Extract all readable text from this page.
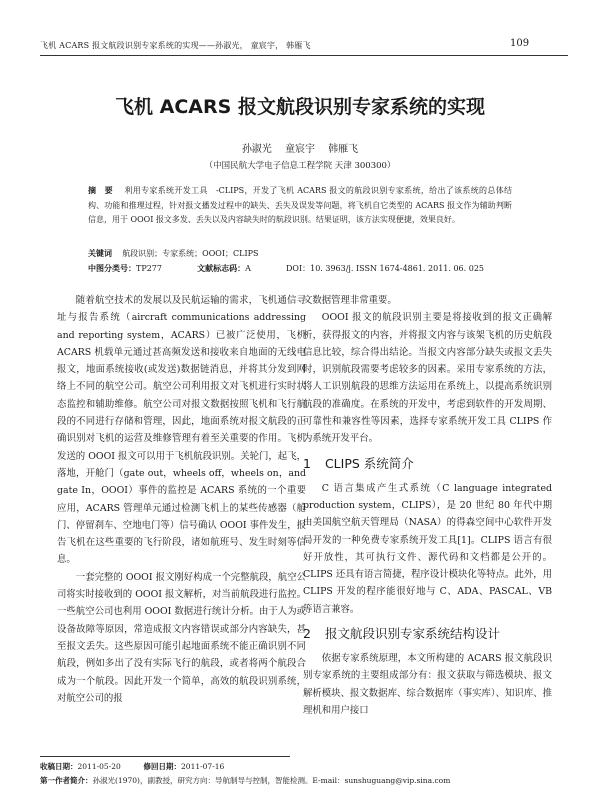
飞机 ACARS 报文航段识别专家系统的实现——孙淑光， 童宸宇， 韩雁飞	109
飞机 ACARS 报文航段识别专家系统的实现
孙淑光 童宸宇 韩雁飞
（中国民航大学电子信息工程学院 天津 300300）
摘　要 利用专家系统开发工具　-CLIPS，开发了飞机 ACARS 报文的航段识别专家系统，给出了该系统的总体结构、功能和推理过程，针对报文播发过程中的缺失、丢失及误发等问题，将飞机自它类型的 ACARS 报文作为辅助判断信息，用于 OOOI 报文多发、丢失以及内容缺失时的航段识别。结果证明，该方法实现便捷，效果良好。
关键词 航段识别；专家系统；OOOI；CLIPS
中图分类号：TP277	文献标志码：A	DOI：10. 3963/j. ISSN 1674-4861. 2011. 06. 025

随着航空技术的发展以及民航运输的需求，飞机通信寻址与报告系统（aircraft communications addressing and reporting system，ACARS）已被广泛使用，飞机 ACARS 机载单元通过甚高频发送和接收来自地面的无线电报文，地面系统接收(或发送)数据链消息，并将其分发到网络上不同的航空公司。航空公司利用报文对飞机进行实时状态监控和辅助维修。航空公司对报文数据按照飞机和飞行航段的不同进行存储和管理，因此，地面系统对报文航段的正确识别对飞机的运营及维修管理有着至关重要的作用。飞机发送的 OOOI 报文可以用于飞机航段识别。关轮门，起飞，落地，开舱门（gate out，wheels off，wheels on，and gate In，OOOI）事件的监控是 ACARS 系统的一个重要应用，ACARS 管理单元通过检测飞机上的某些传感器（舱门、停留刹车、空地电门等）信号确认 OOOI 事件发生，报告飞机在这些重要的飞行阶段，诸如航班号、发生时刻等信息。

一套完整的 OOOI 报文刚好构成一个完整航段，航空公司将实时接收到的 OOOI 报文解析，对当前航段进行监控。一些航空公司也利用 OOOI 数据进行统计分析。由于人为或设备故障等原因，常造成报文内容错误或部分内容缺失，甚至报文丢失。这些原因可能引起地面系统不能正确识别不同航段，例如多出了没有实际飞行的航段，或者将两个航段合成为一个航段。因此开发一个简单，高效的航段识别系统，对航空公司的报

文数据管理非常重要。

OOOI 报文的航段识别主要是将接收到的报文正确解析，获得报文的内容，并将报文内容与该架飞机的历史航段信息比较，综合得出结论。当报文内容部分缺失或报文丢失时，识别航段需要考虑较多的因素。采用专家系统的方法，将人工识别航段的思维方法运用在系统上，以提高系统识别航段的准确度。在系统的开发中，考虑到软件的开发周期、可靠性和兼容性等因素，选择专家系统开发工具 CLIPS 作为系统开发平台。

1 CLIPS 系统简介

C 语言集成产生式系统（C language integrated production system，CLIPS），是 20 世纪 80 年代中期由美国航空航天管理局（NASA）的得森空间中心软件开发局开发的一种免费专家系统开发工具[1]。CLIPS 语言有很好开放性，其可执行文件、源代码和文档都是公开的。CLIPS 还具有语言简捷，程序设计模块化等特点。此外，用 CLIPS 开发的程序能很好地与 C、ADA、PASCAL、VB 等语言兼容。

2 报文航段识别专家系统结构设计

依据专家系统原理，本文所构建的 ACARS 报文航段识别专家系统的主要组成部分有：报文获取与筛选模块、报文解析模块、报文数据库、综合数据库（事实库）、知识库、推理机和用户接口

收稿日期：2011-05-20	修回日期：2011-07-16
第一作者简介：孙淑光(1970)，副教授，研究方向：导航制导与控制，智能检测。E-mail：sunshuguang@vip.sina.com
